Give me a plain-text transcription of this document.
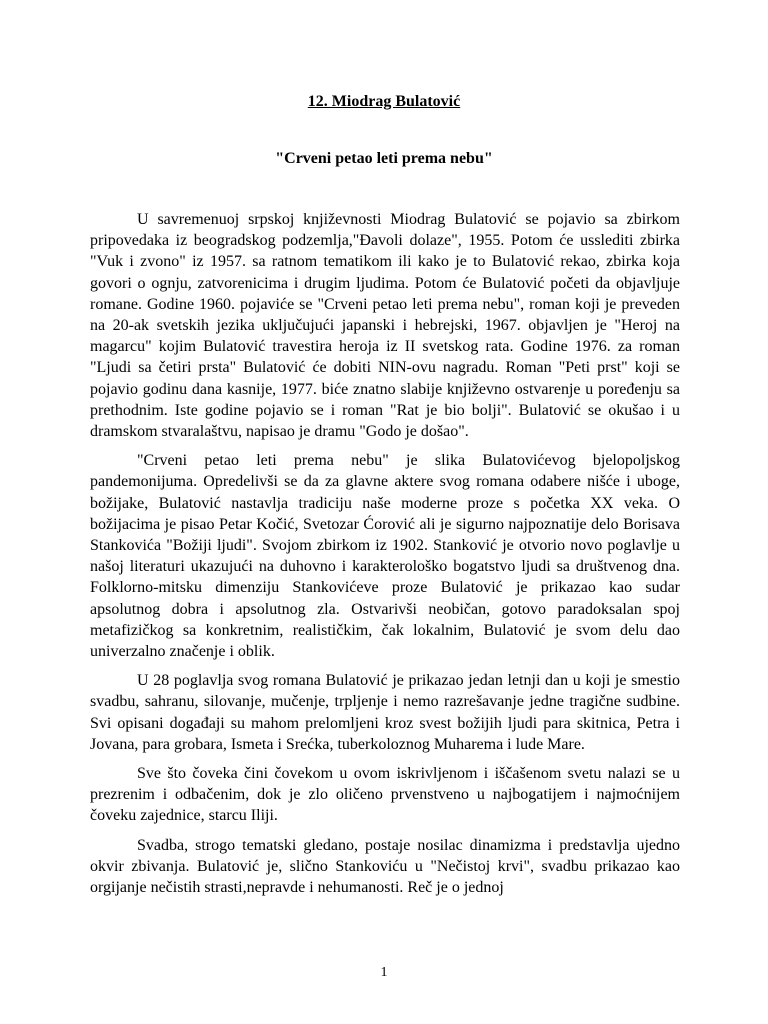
12. Miodrag Bulatović
"Crveni petao leti prema nebu"

U savremenuoj srpskoj književnosti Miodrag Bulatović se pojavio sa zbirkom pripovedaka iz beogradskog podzemlja,"Đavoli dolaze", 1955. Potom će usslediti zbirka "Vuk i zvono" iz 1957. sa ratnom tematikom ili kako je to Bulatović rekao, zbirka koja govori o ognju, zatvorenicima i drugim ljudima. Potom će Bulatović početi da objavljuje romane. Godine 1960. pojaviće se "Crveni petao leti prema nebu", roman koji je preveden na 20-ak svetskih jezika uključujući japanski i hebrejski, 1967. objavljen je "Heroj na magarcu" kojim Bulatović travestira heroja iz II svetskog rata. Godine 1976. za roman "Ljudi sa četiri prsta" Bulatović će dobiti NIN-ovu nagradu. Roman "Peti prst" koji se pojavio godinu dana kasnije, 1977. biće znatno slabije književno ostvarenje u poređenju sa prethodnim. Iste godine pojavio se i roman "Rat je bio bolji". Bulatović se okušao i u dramskom stvaralaštvu, napisao je dramu "Godo je došao".

"Crveni petao leti prema nebu" je slika Bulatovićevog bjelopoljskog pandemonijuma. Opredelivši se da za glavne aktere svog romana odabere nišće i uboge, božijake, Bulatović nastavlja tradiciju naše moderne proze s početka XX veka. O božijacima je pisao Petar Kočić, Svetozar Ćorović ali je sigurno najpoznatije delo Borisava Stankovića "Božiji ljudi". Svojom zbirkom iz 1902. Stanković je otvorio novo poglavlje u našoj literaturi ukazujući na duhovno i karakterološko bogatstvo ljudi sa društvenog dna. Folklorno-mitsku dimenziju Stankovićeve proze Bulatović je prikazao kao sudar apsolutnog dobra i apsolutnog zla. Ostvarivši neobičan, gotovo paradoksalan spoj metafizičkog sa konkretnim, realističkim, čak lokalnim, Bulatović je svom delu dao univerzalno značenje i oblik.

U 28 poglavlja svog romana Bulatović je prikazao jedan letnji dan u koji je smestio svadbu, sahranu, silovanje, mučenje, trpljenje i nemo razrešavanje jedne tragične sudbine. Svi opisani događaji su mahom prelomljeni kroz svest božijih ljudi para skitnica, Petra i Jovana, para grobara, Ismeta i Srećka, tuberkoloznog Muharema i lude Mare.

Sve što čoveka čini čovekom u ovom iskrivljenom i iščašenom svetu nalazi se u prezrenim i odbačenim, dok je zlo oličeno prvenstveno u najbogatijem i najmoćnijem čoveku zajednice, starcu Iliji.

Svadba, strogo tematski gledano, postaje nosilac dinamizma i predstavlja ujedno okvir zbivanja. Bulatović je, slično Stankoviću u "Nečistoj krvi", svadbu prikazao kao orgijanje nečistih strasti,nepravde i nehumanosti. Reč je o jednoj

1
